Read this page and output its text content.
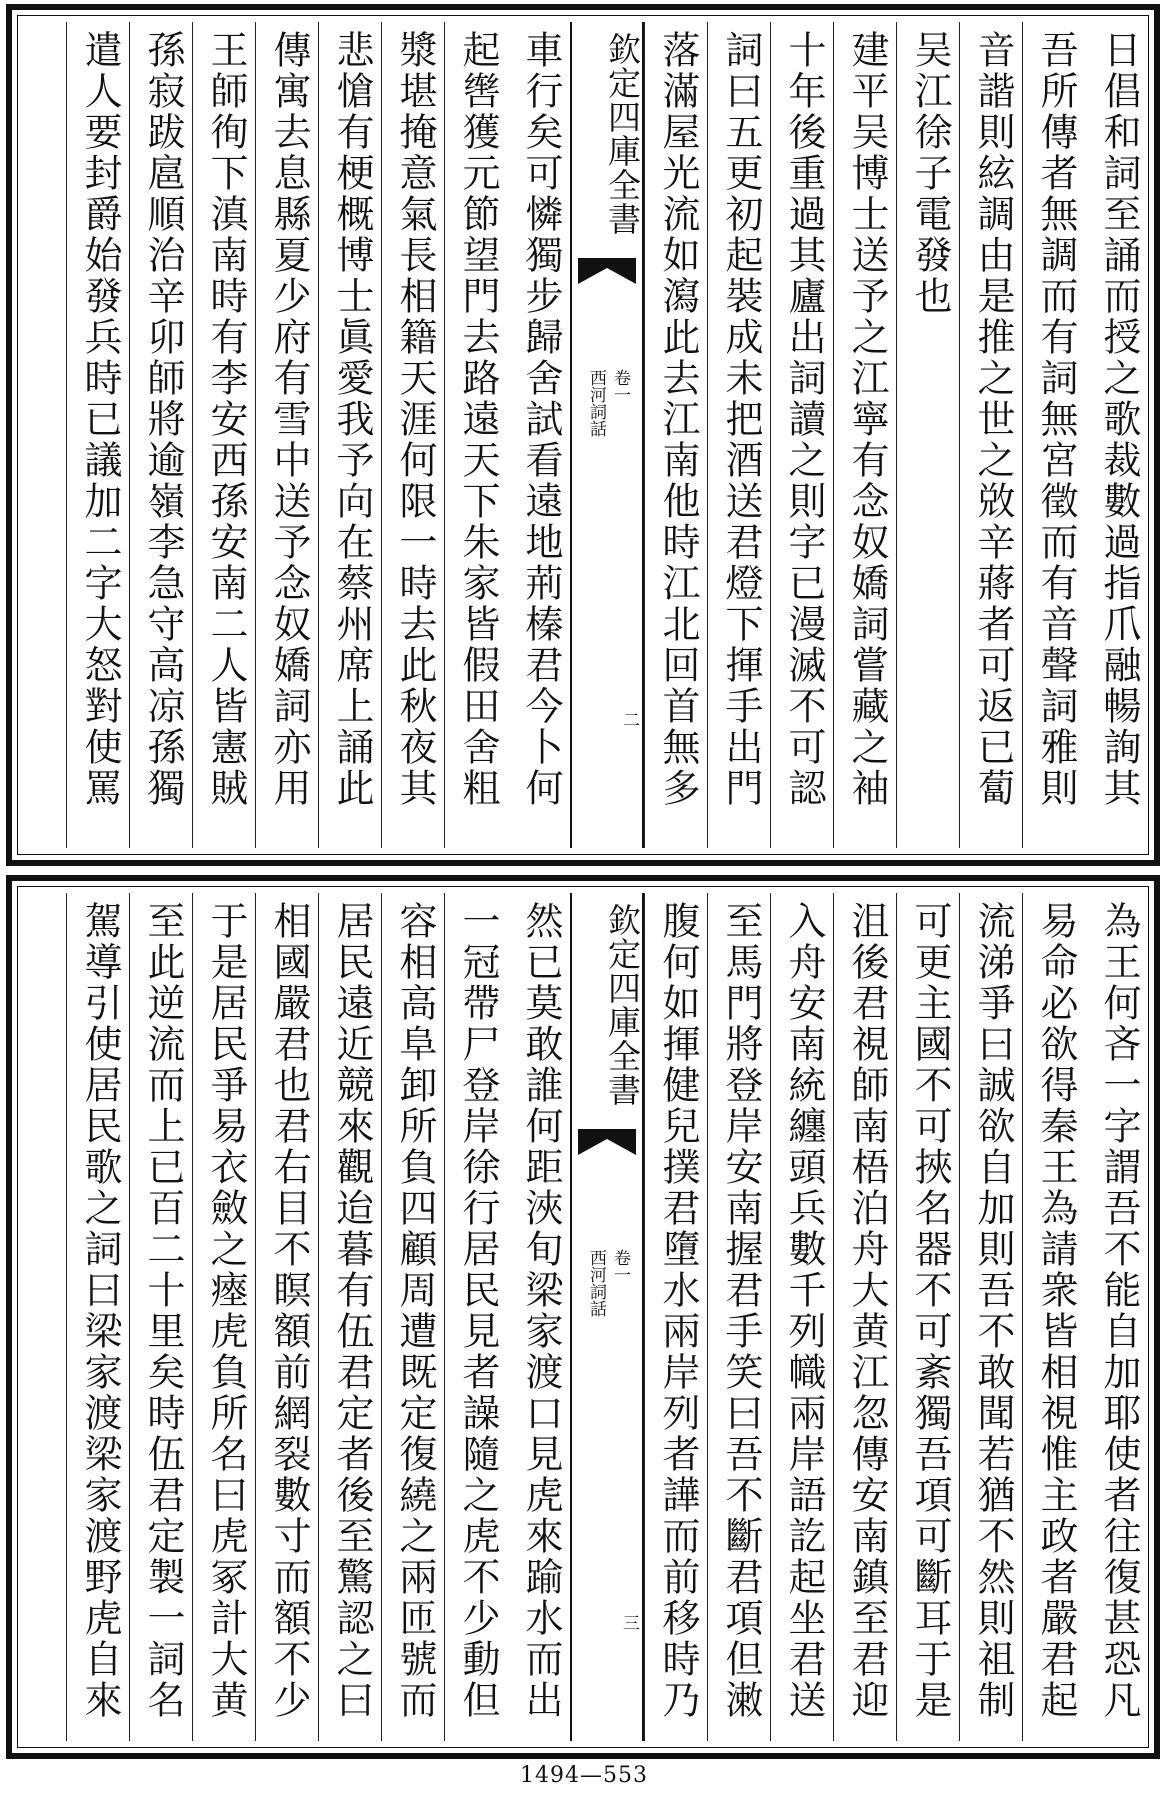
日倡和詞至誦而授之歌裁數過指爪融暢詢其
吾所傳者無調而有詞無宮徵而有音聲詞雅則
音諧則絃調由是推之世之敚辛蔣者可返已蔔
吴江徐子電發也
建平吴博士送予之江寧有念奴嬌詞嘗藏之袖
十年後重過其廬出詞讀之則字已漫滅不可認
詞曰五更初起裝成未把酒送君燈下揮手出門
落滿屋光流如瀉此去江南他時江北回首無多
欽定四庫全書
西河詞話 卷一
二
車行矣可憐獨步歸舍試看遠地荊榛君今卜何
起辔獲元節望門去路遠天下朱家皆假田舍粗
漿堪掩意氣長相籍天涯何限一時去此秋夜其
悲愴有梗概博士眞愛我予向在蔡州席上誦此
傳寓去息縣夏少府有雪中送予念奴嬌詞亦用
王師徇下滇南時有李安西孫安南二人皆憲賊
孫寂跋扈順治辛卯師將逾嶺李急守高凉孫獨
遣人要封爵始發兵時已議加二字大怒對使罵
為王何吝一字謂吾不能自加耶使者往復甚恐凡
易命必欲得秦王為請衆皆相視惟主政者嚴君起
流涕爭曰誠欲自加則吾不敢聞若猶不然則祖制
可更主國不可挾名器不可紊獨吾項可斷耳于是
沮後君視師南梧泊舟大黄江忽傳安南鎮至君迎
入舟安南統纏頭兵數千列幟兩岸語訖起坐君送
至馬門將登岸安南握君手笑曰吾不斷君項但潄
腹何如揮健兒撲君墮水兩岸列者譁而前移時乃
欽定四庫全書
西河詞話 卷一
三
然已莫敢誰何距浹旬梁家渡口見虎來踰水而出
一冠帶尸登岸徐行居民見者譟隨之虎不少動但
容相高阜卸所負四顧周遭既定復繞之兩匝號而
居民遠近競來觀迨暮有伍君定者後至驚認之曰
相國嚴君也君右目不瞑額前網裂數寸而額不少
于是居民爭易衣斂之瘞虎負所名曰虎冢計大黄
至此逆流而上已百二十里矣時伍君定製一詞名
駕導引使居民歌之詞曰梁家渡梁家渡野虎自來
1494—553
